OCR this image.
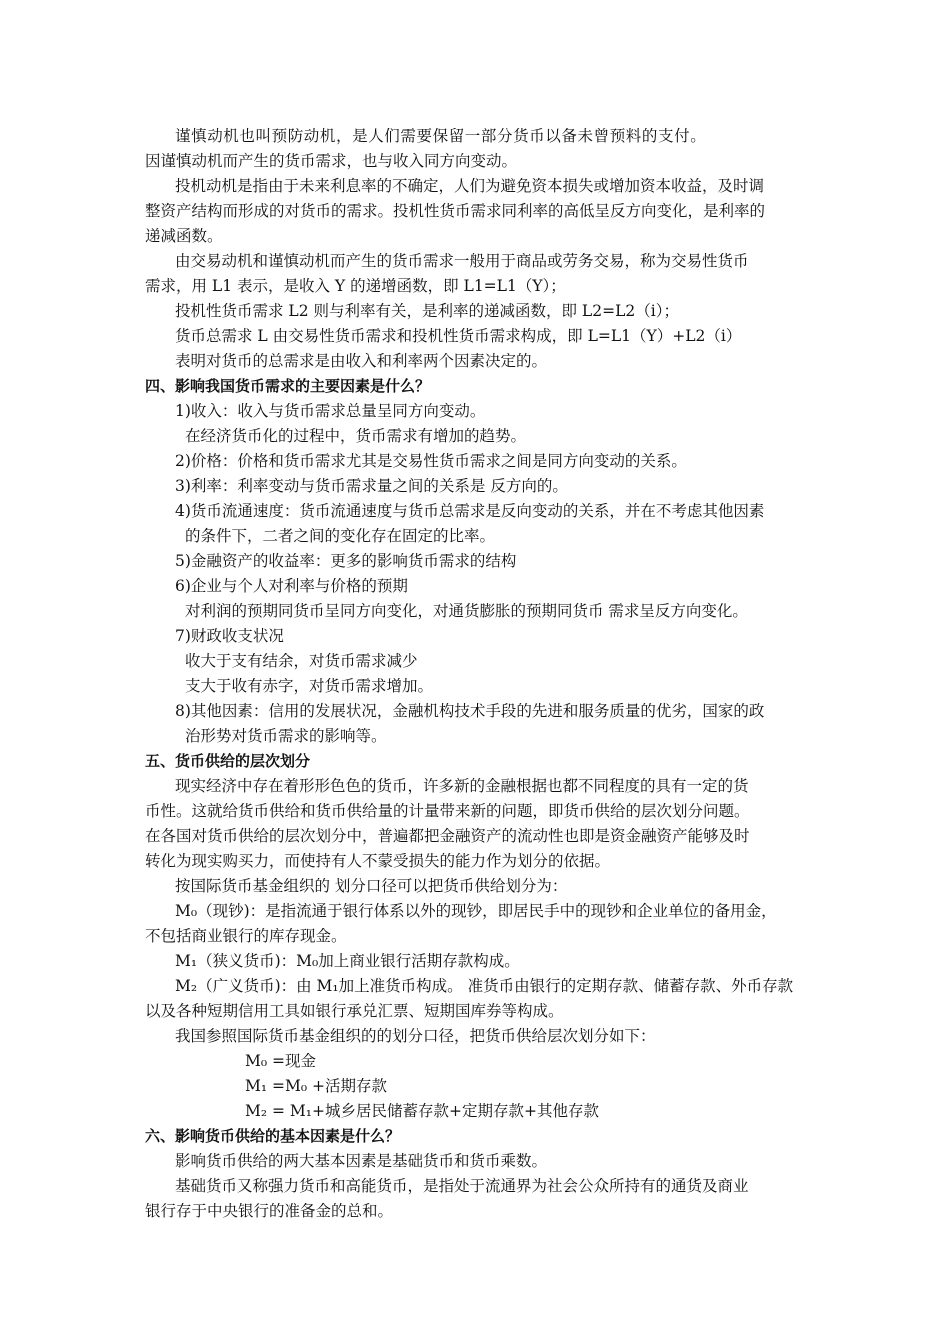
谨慎动机也叫预防动机，是人们需要保留一部分货币以备未曾预料的支付。
因谨慎动机而产生的货币需求，也与收入同方向变动。
投机动机是指由于未来利息率的不确定，人们为避免资本损失或增加资本收益，及时调
整资产结构而形成的对货币的需求。投机性货币需求同利率的高低呈反方向变化，是利率的
递减函数。
由交易动机和谨慎动机而产生的货币需求一般用于商品或劳务交易，称为交易性货币
需求，用 L1 表示，是收入 Y 的递增函数，即 L1=L1（Y）；
投机性货币需求 L2 则与利率有关，是利率的递减函数，即 L2=L2（i）；
货币总需求 L 由交易性货币需求和投机性货币需求构成，即 L=L1（Y）+L2（i）
表明对货币的总需求是由收入和利率两个因素决定的。
四、影响我国货币需求的主要因素是什么？
1)收入：收入与货币需求总量呈同方向变动。
在经济货币化的过程中，货币需求有增加的趋势。
2)价格：价格和货币需求尤其是交易性货币需求之间是同方向变动的关系。
3)利率：利率变动与货币需求量之间的关系是 反方向的。
4)货币流通速度：货币流通速度与货币总需求是反向变动的关系，并在不考虑其他因素
的条件下，二者之间的变化存在固定的比率。
5)金融资产的收益率：更多的影响货币需求的结构
6)企业与个人对利率与价格的预期
对利润的预期同货币呈同方向变化，对通货膨胀的预期同货币 需求呈反方向变化。
7)财政收支状况
收大于支有结余，对货币需求减少
支大于收有赤字，对货币需求增加。
8)其他因素：信用的发展状况，金融机构技术手段的先进和服务质量的优劣，国家的政
治形势对货币需求的影响等。
五、货币供给的层次划分
现实经济中存在着形形色色的货币，许多新的金融根据也都不同程度的具有一定的货
币性。这就给货币供给和货币供给量的计量带来新的问题，即货币供给的层次划分问题。
在各国对货币供给的层次划分中，普遍都把金融资产的流动性也即是资金融资产能够及时
转化为现实购买力，而使持有人不蒙受损失的能力作为划分的依据。
按国际货币基金组织的 划分口径可以把货币供给划分为：
M₀（现钞)：是指流通于银行体系以外的现钞，即居民手中的现钞和企业单位的备用金，
不包括商业银行的库存现金。
M₁（狭义货币)：M₀加上商业银行活期存款构成。
M₂（广义货币)：由 M₁加上准货币构成。 准货币由银行的定期存款、储蓄存款、外币存款
以及各种短期信用工具如银行承兑汇票、短期国库券等构成。
我国参照国际货币基金组织的的划分口径，把货币供给层次划分如下：
M₀ =现金
M₁ =M₀ +活期存款
M₂ = M₁+城乡居民储蓄存款+定期存款+其他存款
六、影响货币供给的基本因素是什么？
影响货币供给的两大基本因素是基础货币和货币乘数。
基础货币又称强力货币和高能货币，是指处于流通界为社会公众所持有的通货及商业
银行存于中央银行的准备金的总和。
